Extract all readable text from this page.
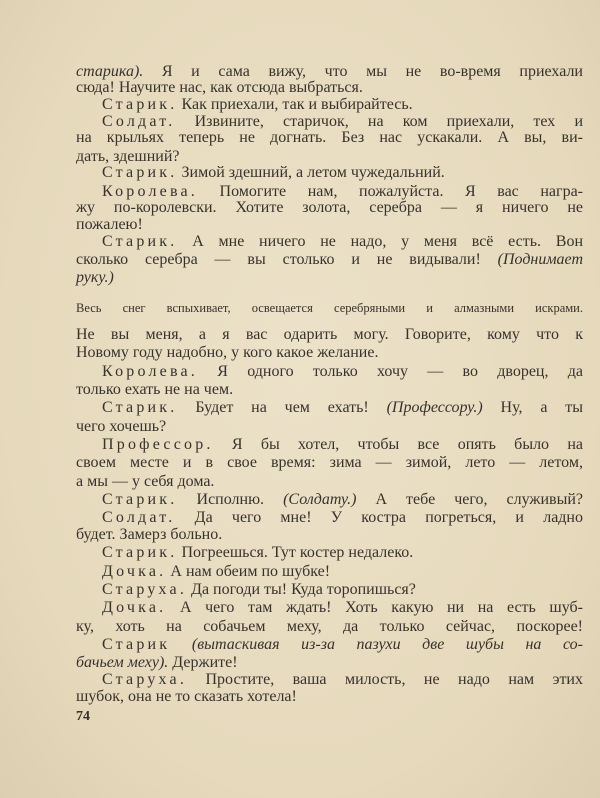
старика). Я и сама вижу, что мы не во-время приехали
сюда! Научите нас, как отсюда выбраться.
Старик. Как приехали, так и выбирайтесь.
Солдат. Извините, старичок, на ком приехали, тех и
на крыльях теперь не догнать. Без нас ускакали. А вы, ви-
дать, здешний?
Старик. Зимой здешний, а летом чужедальний.
Королева. Помогите нам, пожалуйста. Я вас награ-
жу по-королевски. Хотите золота, серебра — я ничего не
пожалею!
Старик. А мне ничего не надо, у меня всё есть. Вон
сколько серебра — вы столько и не видывали! (Поднимает
руку.)
Весь снег вспыхивает, освещается серебряными и алмазными искрами.
Не вы меня, а я вас одарить могу. Говорите, кому что к
Новому году надобно, у кого какое желание.
Королева. Я одного только хочу — во дворец, да
только ехать не на чем.
Старик. Будет на чем ехать! (Профессору.) Ну, а ты
чего хочешь?
Профессор. Я бы хотел, чтобы все опять было на
своем месте и в свое время: зима — зимой, лето — летом,
а мы — у себя дома.
Старик. Исполню. (Солдату.) А тебе чего, служивый?
Солдат. Да чего мне! У костра погреться, и ладно
будет. Замерз больно.
Старик. Погреешься. Тут костер недалеко.
Дочка. А нам обеим по шубке!
Старуха. Да погоди ты! Куда торопишься?
Дочка. А чего там ждать! Хоть какую ни на есть шуб-
ку, хоть на собачьем меху, да только сейчас, поскорее!
Старик (вытаскивая из-за пазухи две шубы на со-
бачьем меху). Держите!
Старуха. Простите, ваша милость, не надо нам этих
шубок, она не то сказать хотела!
74
